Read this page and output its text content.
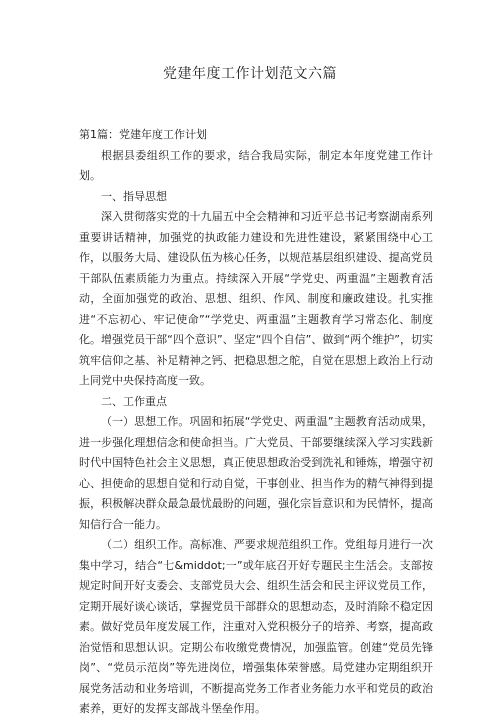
党建年度工作计划范文六篇

第1篇：党建年度工作计划

根据县委组织工作的要求，结合我局实际，制定本年度党建工作计划。

一、指导思想

深入贯彻落实党的十九届五中全会精神和习近平总书记考察湖南系列重要讲话精神，加强党的执政能力建设和先进性建设，紧紧围绕中心工作，以服务大局、建设队伍为核心任务，以规范基层组织建设、提高党员干部队伍素质能力为重点。持续深入开展“学党史、两重温”主题教育活动，全面加强党的政治、思想、组织、作风、制度和廉政建设。扎实推进“不忘初心、牢记使命”“学党史、两重温”主题教育学习常态化、制度化。增强党员干部“四个意识”、坚定“四个自信”、做到“两个维护”，切实筑牢信仰之基、补足精神之钙、把稳思想之舵，自觉在思想上政治上行动上同党中央保持高度一致。

二、工作重点

（一）思想工作。巩固和拓展“学党史、两重温”主题教育活动成果，进一步强化理想信念和使命担当。广大党员、干部要继续深入学习实践新时代中国特色社会主义思想，真正使思想政治受到洗礼和锤炼，增强守初心、担使命的思想自觉和行动自觉，干事创业、担当作为的精气神得到提振，积极解决群众最急最忧最盼的问题，强化宗旨意识和为民情怀，提高知信行合一能力。

（二）组织工作。高标准、严要求规范组织工作。党组每月进行一次集中学习，结合“七&middot;一”或年底召开好专题民主生活会。支部按规定时间开好支委会、支部党员大会、组织生活会和民主评议党员工作，定期开展好谈心谈话，掌握党员干部群众的思想动态，及时消除不稳定因素。做好党员年度发展工作，注重对入党积极分子的培养、考察，提高政治觉悟和思想认识。定期公布收缴党费情况，加强监管。创建“党员先锋岗”、“党员示范岗”等先进岗位，增强集体荣誉感。局党建办定期组织开展党务活动和业务培训，不断提高党务工作者业务能力水平和党员的政治素养，更好的发挥支部战斗堡垒作用。
